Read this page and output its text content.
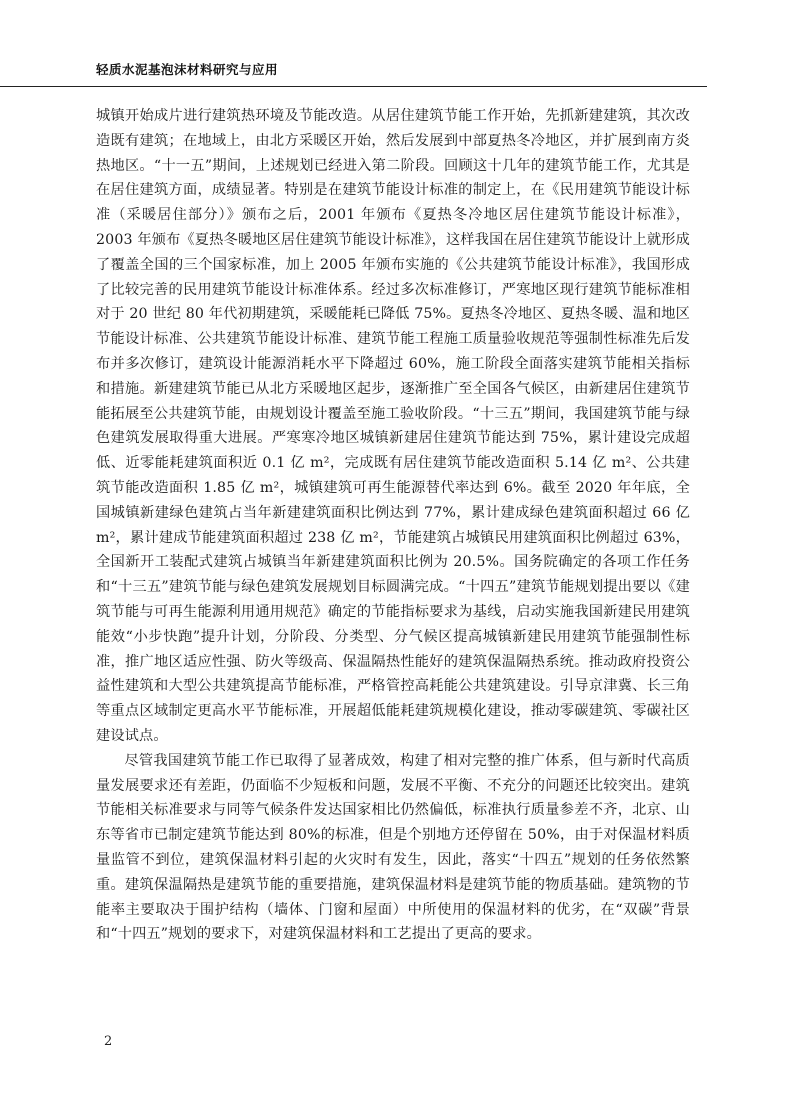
轻质水泥基泡沫材料研究与应用

城镇开始成片进行建筑热环境及节能改造。从居住建筑节能工作开始，先抓新建建筑，其次改造既有建筑；在地域上，由北方采暖区开始，然后发展到中部夏热冬冷地区，并扩展到南方炎热地区。“十一五”期间，上述规划已经进入第二阶段。回顾这十几年的建筑节能工作，尤其是在居住建筑方面，成绩显著。特别是在建筑节能设计标准的制定上，在《民用建筑节能设计标准（采暖居住部分）》颁布之后，2001 年颁布《夏热冬冷地区居住建筑节能设计标准》，2003 年颁布《夏热冬暖地区居住建筑节能设计标准》，这样我国在居住建筑节能设计上就形成了覆盖全国的三个国家标准，加上 2005 年颁布实施的《公共建筑节能设计标准》，我国形成了比较完善的民用建筑节能设计标准体系。经过多次标准修订，严寒地区现行建筑节能标准相对于 20 世纪 80 年代初期建筑，采暖能耗已降低 75%。夏热冬冷地区、夏热冬暖、温和地区节能设计标准、公共建筑节能设计标准、建筑节能工程施工质量验收规范等强制性标准先后发布并多次修订，建筑设计能源消耗水平下降超过 60%，施工阶段全面落实建筑节能相关指标和措施。新建建筑节能已从北方采暖地区起步，逐渐推广至全国各气候区，由新建居住建筑节能拓展至公共建筑节能，由规划设计覆盖至施工验收阶段。“十三五”期间，我国建筑节能与绿色建筑发展取得重大进展。严寒寒冷地区城镇新建居住建筑节能达到 75%，累计建设完成超低、近零能耗建筑面积近 0.1 亿 m²，完成既有居住建筑节能改造面积 5.14 亿 m²、公共建筑节能改造面积 1.85 亿 m²，城镇建筑可再生能源替代率达到 6%。截至 2020 年年底，全国城镇新建绿色建筑占当年新建建筑面积比例达到 77%，累计建成绿色建筑面积超过 66 亿 m²，累计建成节能建筑面积超过 238 亿 m²，节能建筑占城镇民用建筑面积比例超过 63%，全国新开工装配式建筑占城镇当年新建建筑面积比例为 20.5%。国务院确定的各项工作任务和“十三五”建筑节能与绿色建筑发展规划目标圆满完成。“十四五”建筑节能规划提出要以《建筑节能与可再生能源利用通用规范》确定的节能指标要求为基线，启动实施我国新建民用建筑能效“小步快跑”提升计划，分阶段、分类型、分气候区提高城镇新建民用建筑节能强制性标准，推广地区适应性强、防火等级高、保温隔热性能好的建筑保温隔热系统。推动政府投资公益性建筑和大型公共建筑提高节能标准，严格管控高耗能公共建筑建设。引导京津冀、长三角等重点区域制定更高水平节能标准，开展超低能耗建筑规模化建设，推动零碳建筑、零碳社区建设试点。

尽管我国建筑节能工作已取得了显著成效，构建了相对完整的推广体系，但与新时代高质量发展要求还有差距，仍面临不少短板和问题，发展不平衡、不充分的问题还比较突出。建筑节能相关标准要求与同等气候条件发达国家相比仍然偏低，标准执行质量参差不齐，北京、山东等省市已制定建筑节能达到 80%的标准，但是个别地方还停留在 50%，由于对保温材料质量监管不到位，建筑保温材料引起的火灾时有发生，因此，落实“十四五”规划的任务依然繁重。建筑保温隔热是建筑节能的重要措施，建筑保温材料是建筑节能的物质基础。建筑物的节能率主要取决于围护结构（墙体、门窗和屋面）中所使用的保温材料的优劣，在“双碳”背景和“十四五”规划的要求下，对建筑保温材料和工艺提出了更高的要求。

2
